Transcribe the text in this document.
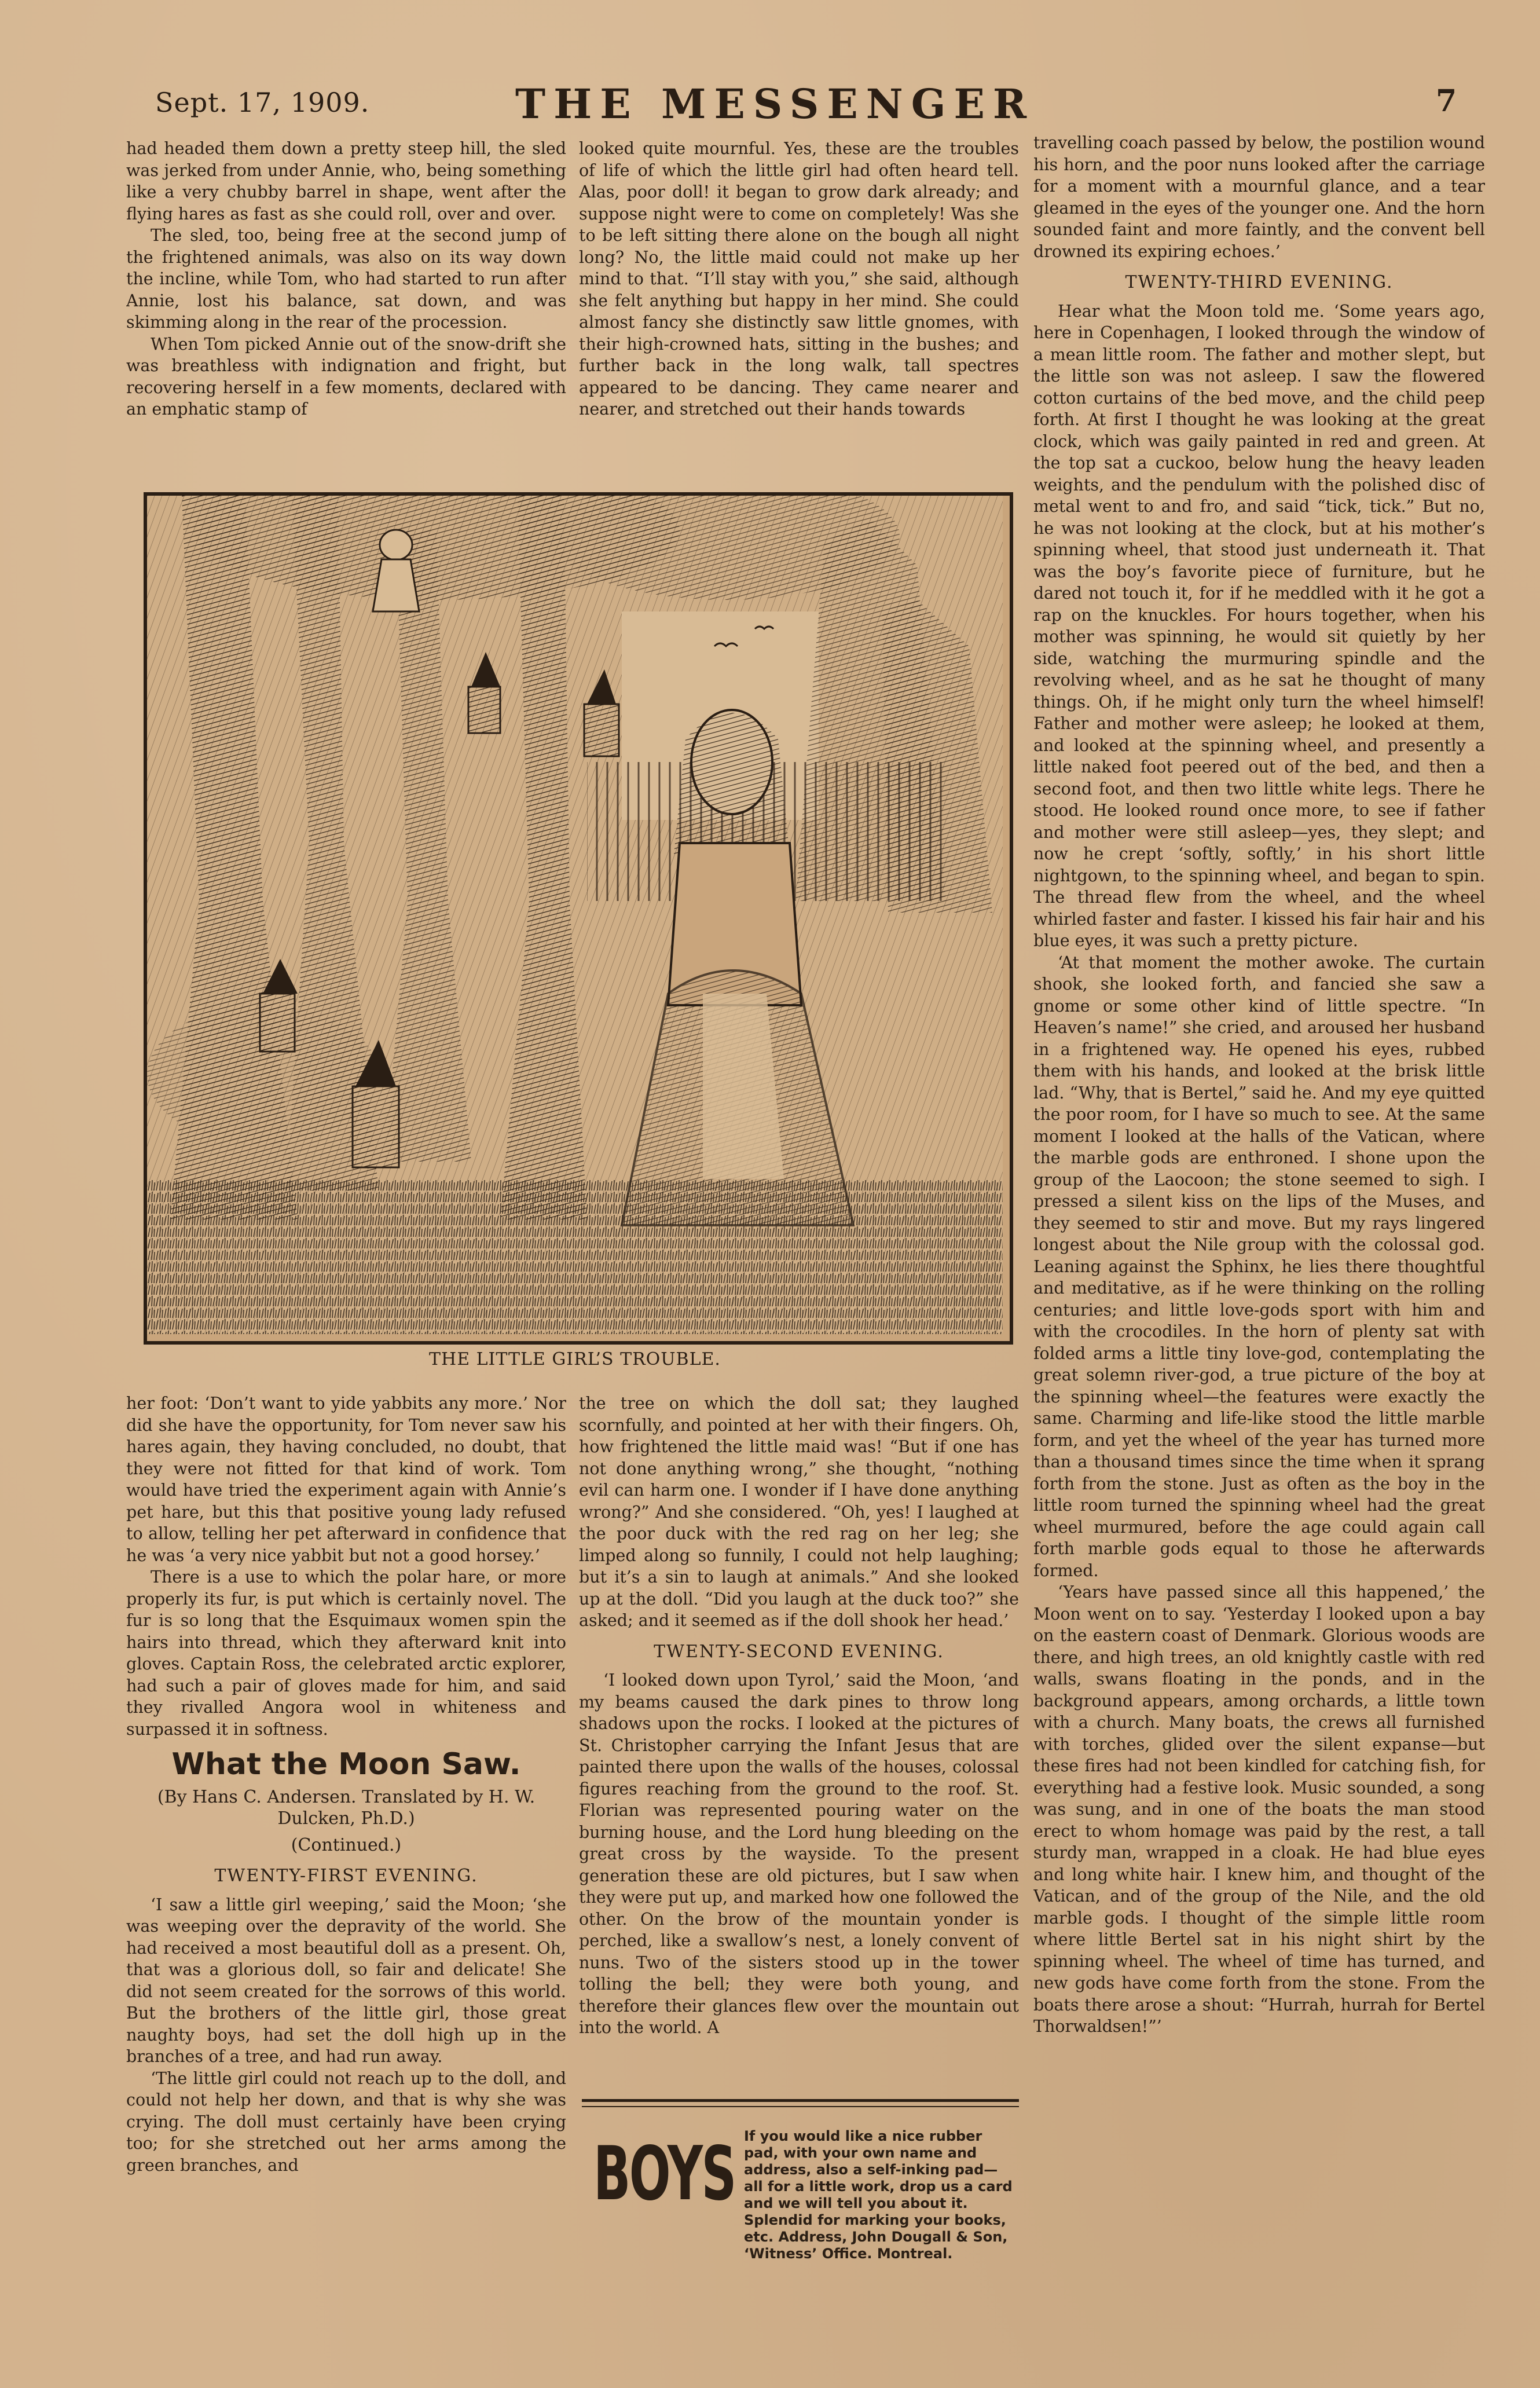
Sept. 17, 1909.	THE MESSENGER	7

had headed them down a pretty steep hill, the sled was jerked from under Annie, who, being something like a very chubby barrel in shape, went after the flying hares as fast as she could roll, over and over.

The sled, too, being free at the second jump of the frightened animals, was also on its way down the incline, while Tom, who had started to run after Annie, lost his balance, sat down, and was skimming along in the rear of the procession.

When Tom picked Annie out of the snow-drift she was breathless with indignation and fright, but recovering herself in a few moments, declared with an emphatic stamp of

looked quite mournful. Yes, these are the troubles of life of which the little girl had often heard tell. Alas, poor doll! it began to grow dark already; and suppose night were to come on completely! Was she to be left sitting there alone on the bough all night long? No, the little maid could not make up her mind to that. “I’ll stay with you,” she said, although she felt anything but happy in her mind. She could almost fancy she distinctly saw little gnomes, with their high-crowned hats, sitting in the bushes; and further back in the long walk, tall spectres appeared to be dancing. They came nearer and nearer, and stretched out their hands towards

THE LITTLE GIRL’S TROUBLE.

her foot: ‘Don’t want to yide yabbits any more.’ Nor did she have the opportunity, for Tom never saw his hares again, they having concluded, no doubt, that they were not fitted for that kind of work. Tom would have tried the experiment again with Annie’s pet hare, but this that positive young lady refused to allow, telling her pet afterward in confidence that he was ‘a very nice yabbit but not a good horsey.’

There is a use to which the polar hare, or more properly its fur, is put which is certainly novel. The fur is so long that the Esquimaux women spin the hairs into thread, which they afterward knit into gloves. Captain Ross, the celebrated arctic explorer, had such a pair of gloves made for him, and said they rivalled Angora wool in whiteness and surpassed it in softness.

What the Moon Saw.
(By Hans C. Andersen. Translated by H. W. Dulcken, Ph.D.)
(Continued.)
TWENTY-FIRST EVENING.

‘I saw a little girl weeping,’ said the Moon; ‘she was weeping over the depravity of the world. She had received a most beautiful doll as a present. Oh, that was a glorious doll, so fair and delicate! She did not seem created for the sorrows of this world. But the brothers of the little girl, those great naughty boys, had set the doll high up in the branches of a tree, and had run away.

‘The little girl could not reach up to the doll, and could not help her down, and that is why she was crying. The doll must certainly have been crying too; for she stretched out her arms among the green branches, and

the tree on which the doll sat; they laughed scornfully, and pointed at her with their fingers. Oh, how frightened the little maid was! “But if one has not done anything wrong,” she thought, “nothing evil can harm one. I wonder if I have done anything wrong?” And she considered. “Oh, yes! I laughed at the poor duck with the red rag on her leg; she limped along so funnily, I could not help laughing; but it’s a sin to laugh at animals.” And she looked up at the doll. “Did you laugh at the duck too?” she asked; and it seemed as if the doll shook her head.’

TWENTY-SECOND EVENING.

‘I looked down upon Tyrol,’ said the Moon, ‘and my beams caused the dark pines to throw long shadows upon the rocks. I looked at the pictures of St. Christopher carrying the Infant Jesus that are painted there upon the walls of the houses, colossal figures reaching from the ground to the roof. St. Florian was represented pouring water on the burning house, and the Lord hung bleeding on the great cross by the wayside. To the present generation these are old pictures, but I saw when they were put up, and marked how one followed the other. On the brow of the mountain yonder is perched, like a swallow’s nest, a lonely convent of nuns. Two of the sisters stood up in the tower tolling the bell; they were both young, and therefore their glances flew over the mountain out into the world. A

travelling coach passed by below, the postilion wound his horn, and the poor nuns looked after the carriage for a moment with a mournful glance, and a tear gleamed in the eyes of the younger one. And the horn sounded faint and more faintly, and the convent bell drowned its expiring echoes.’

TWENTY-THIRD EVENING.

Hear what the Moon told me. ‘Some years ago, here in Copenhagen, I looked through the window of a mean little room. The father and mother slept, but the little son was not asleep. I saw the flowered cotton curtains of the bed move, and the child peep forth. At first I thought he was looking at the great clock, which was gaily painted in red and green. At the top sat a cuckoo, below hung the heavy leaden weights, and the pendulum with the polished disc of metal went to and fro, and said “tick, tick.” But no, he was not looking at the clock, but at his mother’s spinning wheel, that stood just underneath it. That was the boy’s favorite piece of furniture, but he dared not touch it, for if he meddled with it he got a rap on the knuckles. For hours together, when his mother was spinning, he would sit quietly by her side, watching the murmuring spindle and the revolving wheel, and as he sat he thought of many things. Oh, if he might only turn the wheel himself! Father and mother were asleep; he looked at them, and looked at the spinning wheel, and presently a little naked foot peered out of the bed, and then a second foot, and then two little white legs. There he stood. He looked round once more, to see if father and mother were still asleep—yes, they slept; and now he crept ‘softly, softly,’ in his short little nightgown, to the spinning wheel, and began to spin. The thread flew from the wheel, and the wheel whirled faster and faster. I kissed his fair hair and his blue eyes, it was such a pretty picture.

‘At that moment the mother awoke. The curtain shook, she looked forth, and fancied she saw a gnome or some other kind of little spectre. “In Heaven’s name!” she cried, and aroused her husband in a frightened way. He opened his eyes, rubbed them with his hands, and looked at the brisk little lad. “Why, that is Bertel,” said he. And my eye quitted the poor room, for I have so much to see. At the same moment I looked at the halls of the Vatican, where the marble gods are enthroned. I shone upon the group of the Laocoon; the stone seemed to sigh. I pressed a silent kiss on the lips of the Muses, and they seemed to stir and move. But my rays lingered longest about the Nile group with the colossal god. Leaning against the Sphinx, he lies there thoughtful and meditative, as if he were thinking on the rolling centuries; and little love-gods sport with him and with the crocodiles. In the horn of plenty sat with folded arms a little tiny love-god, contemplating the great solemn river-god, a true picture of the boy at the spinning wheel—the features were exactly the same. Charming and life-like stood the little marble form, and yet the wheel of the year has turned more than a thousand times since the time when it sprang forth from the stone. Just as often as the boy in the little room turned the spinning wheel had the great wheel murmured, before the age could again call forth marble gods equal to those he afterwards formed.

‘Years have passed since all this happened,’ the Moon went on to say. ‘Yesterday I looked upon a bay on the eastern coast of Denmark. Glorious woods are there, and high trees, an old knightly castle with red walls, swans floating in the ponds, and in the background appears, among orchards, a little town with a church. Many boats, the crews all furnished with torches, glided over the silent expanse—but these fires had not been kindled for catching fish, for everything had a festive look. Music sounded, a song was sung, and in one of the boats the man stood erect to whom homage was paid by the rest, a tall sturdy man, wrapped in a cloak. He had blue eyes and long white hair. I knew him, and thought of the Vatican, and of the group of the Nile, and the old marble gods. I thought of the simple little room where little Bertel sat in his night shirt by the spinning wheel. The wheel of time has turned, and new gods have come forth from the stone. From the boats there arose a shout: “Hurrah, hurrah for Bertel Thorwaldsen!”’

BOYS If you would like a nice rubber pad, with your own name and address, also a self-inking pad—all for a little work, drop us a card and we will tell you about it. Splendid for marking your books, etc. Address, John Dougall & Son, ‘Witness’ Office. Montreal.
